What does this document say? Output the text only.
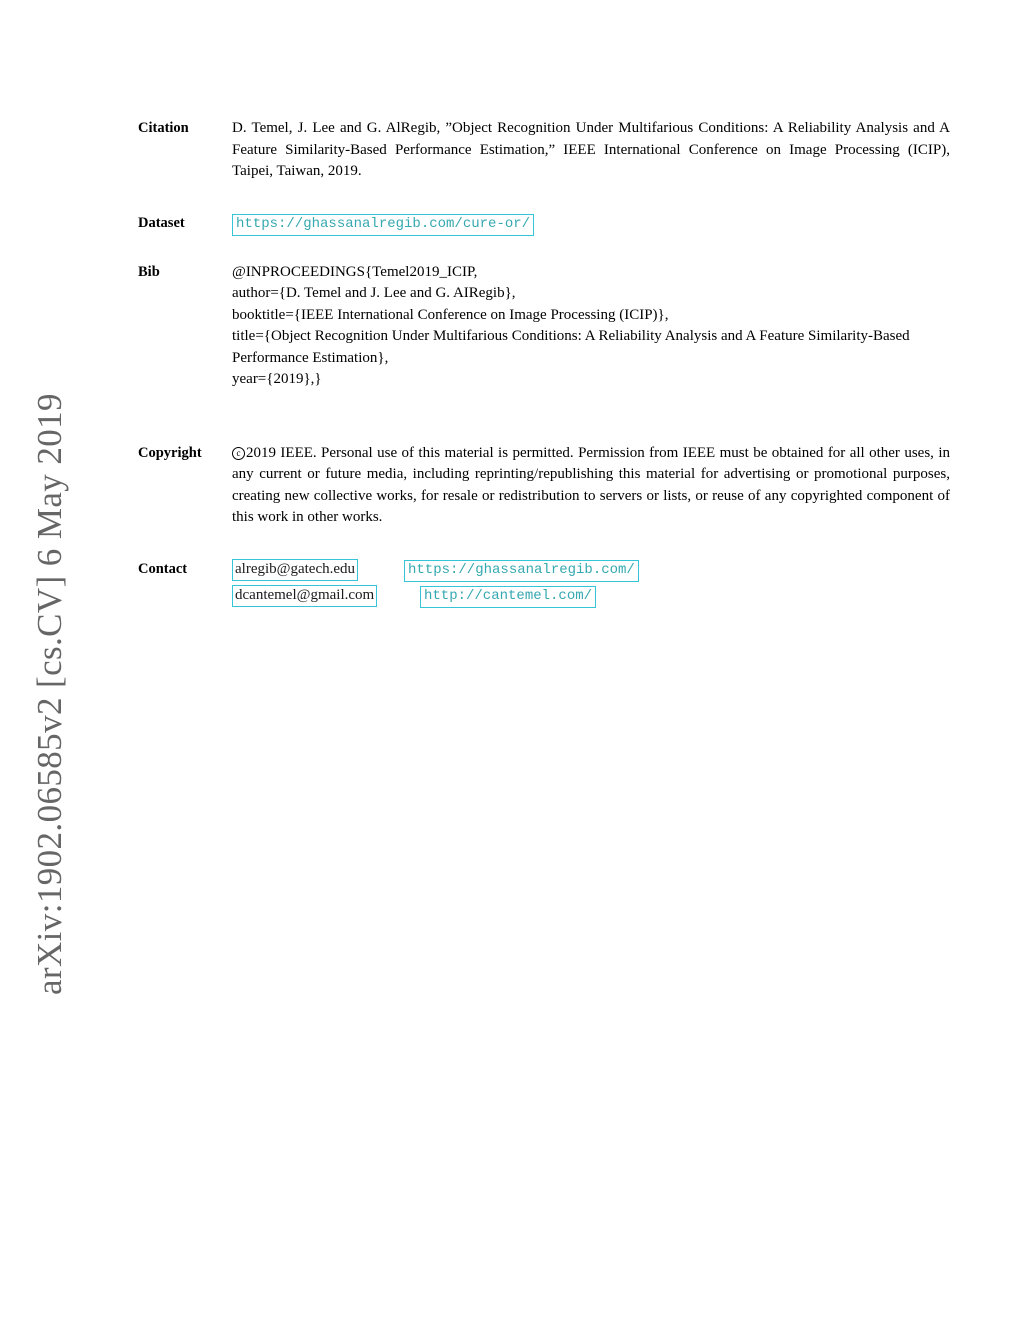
arXiv:1902.06585v2 [cs.CV] 6 May 2019
Citation	D. Temel, J. Lee and G. AlRegib, ”Object Recognition Under Multifarious Conditions: A Reliability Analysis and A Feature Similarity-Based Performance Estimation,” IEEE International Conference on Image Processing (ICIP), Taipei, Taiwan, 2019.
Dataset	https://ghassanalregib.com/cure-or/
Bib	@INPROCEEDINGS{Temel2019_ICIP,
author={D. Temel and J. Lee and G. AIRegib},
booktitle={IEEE International Conference on Image Processing (ICIP)},
title={Object Recognition Under Multifarious Conditions: A Reliability Analysis and A Feature Similarity-Based Performance Estimation},
year={2019},}
Copyright	c 2019 IEEE. Personal use of this material is permitted. Permission from IEEE must be obtained for all other uses, in any current or future media, including reprinting/republishing this material for advertising or promotional purposes, creating new collective works, for resale or redistribution to servers or lists, or reuse of any copyrighted component of this work in other works.
Contact	alregib@gatech.edu	https://ghassanalregib.com/
dcantemel@gmail.com	http://cantemel.com/
